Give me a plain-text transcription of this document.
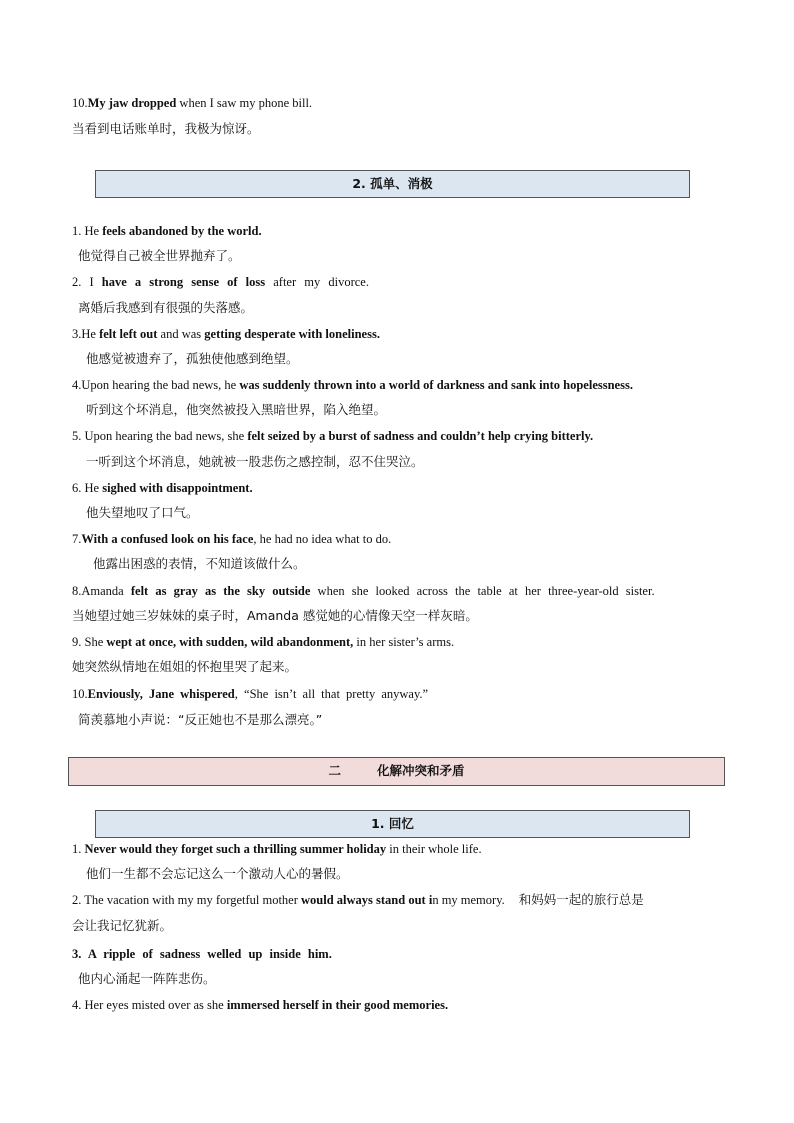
10.My jaw dropped when I saw my phone bill.
当看到电话账单时，我极为惊讶。
2. 孤单、消极
1. He feels abandoned by the world.
他觉得自己被全世界抛弃了。
2. I have a strong sense of loss after my divorce.
离婚后我感到有很强的失落感。
3.He felt left out and was getting desperate with loneliness.
他感觉被遗弃了，孤独使他感到绝望。
4.Upon hearing the bad news, he was suddenly thrown into a world of darkness and sank into hopelessness.
听到这个坏消息，他突然被投入黑暗世界，陷入绝望。
5. Upon hearing the bad news, she felt seized by a burst of sadness and couldn’t help crying bitterly.
一听到这个坏消息，她就被一股悲伤之感控制，忍不住哭泣。
6. He sighed with disappointment.
他失望地叹了口气。
7.With a confused look on his face, he had no idea what to do.
他露出困惑的表情，不知道该做什么。
8.Amanda felt as gray as the sky outside when she looked across the table at her three-year-old sister.
当她望过她三岁妹妹的桌子时，Amanda 感觉她的心情像天空一样灰暗。
9. She wept at once, with sudden, wild abandonment, in her sister’s arms.
她突然纵情地在姐姐的怀抱里哭了起来。
10.Enviously, Jane whispered, “She isn’t all that pretty anyway.”
简羡慕地小声说：“反正她也不是那么漂亮。”
二	化解冲突和矛盾
1. 回忆
1. Never would they forget such a thrilling summer holiday in their whole life.
他们一生都不会忘记这么一个激动人心的暑假。
2. The vacation with my my forgetful mother would always stand out in my memory. 和妈妈一起的旅行总是
会让我记忆犹新。
3. A ripple of sadness welled up inside him.
他内心涌起一阵阵悲伤。
4. Her eyes misted over as she immersed herself in their good memories.
